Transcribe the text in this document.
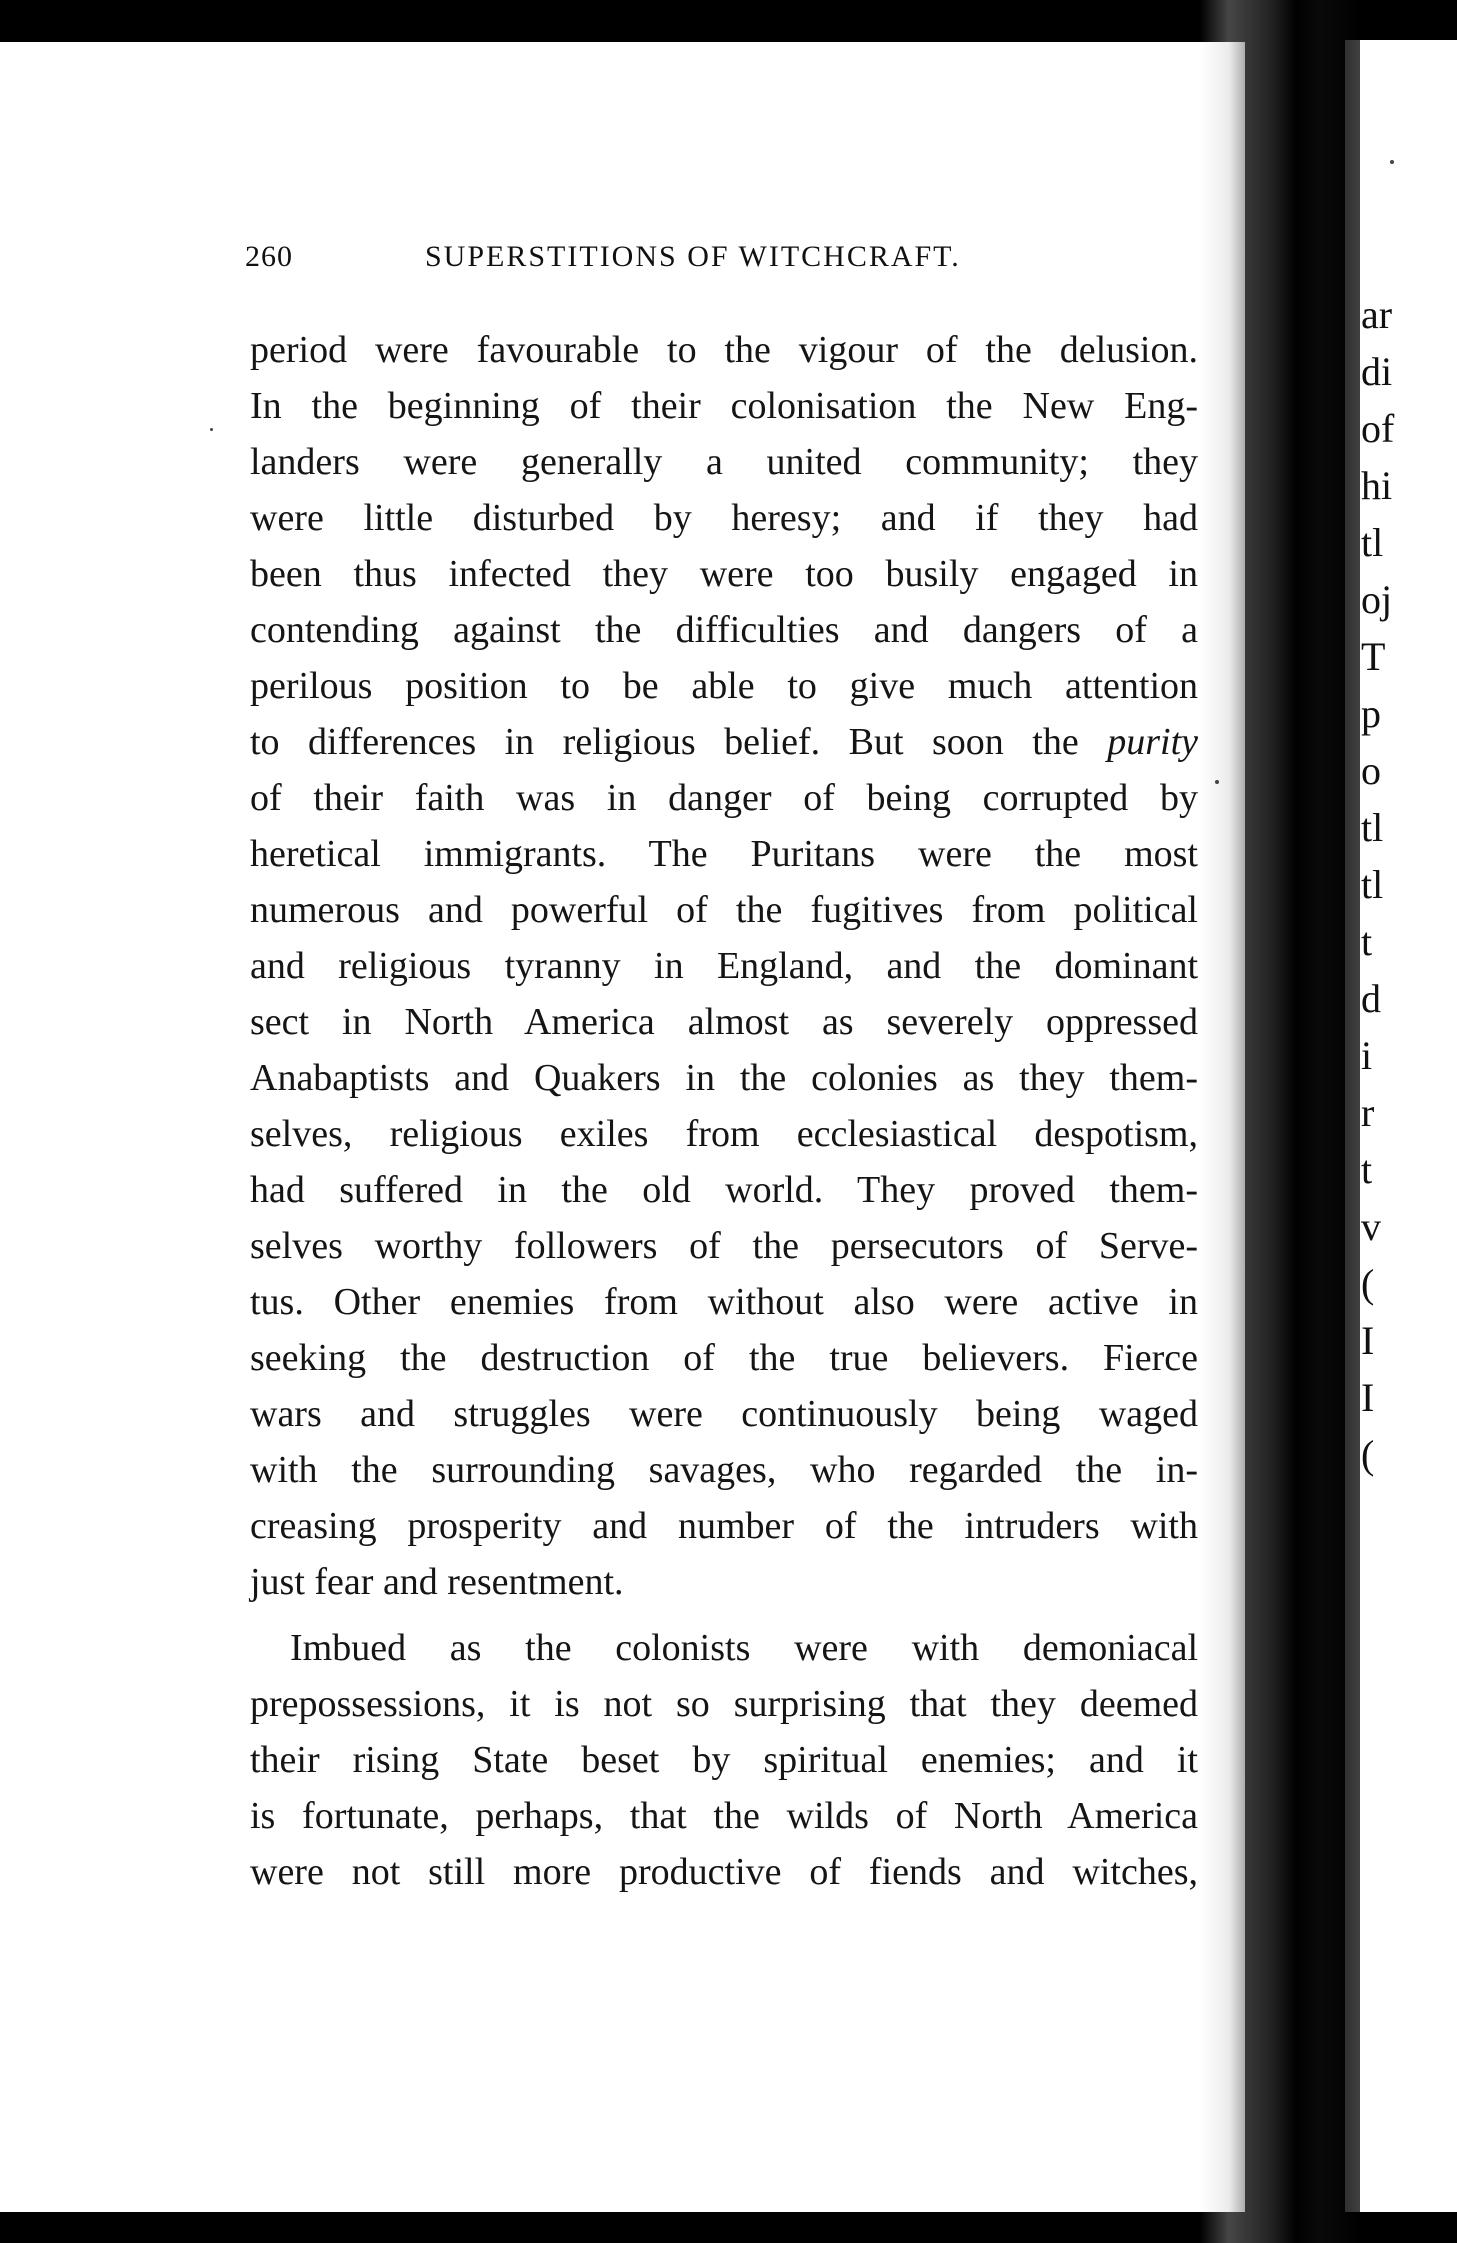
ar
di
of
hi
tl
oj
T
p
o
tl
tl
t
d
i
r
t
v
(
I
I
(
260	SUPERSTITIONS OF WITCHCRAFT.
period were favourable to the vigour of the delusion.
In the beginning of their colonisation the New Eng-
landers were generally a united community; they
were little disturbed by heresy; and if they had
been thus infected they were too busily engaged in
contending against the difficulties and dangers of a
perilous position to be able to give much attention
to differences in religious belief. But soon the purity
of their faith was in danger of being corrupted by
heretical immigrants. The Puritans were the most
numerous and powerful of the fugitives from political
and religious tyranny in England, and the dominant
sect in North America almost as severely oppressed
Anabaptists and Quakers in the colonies as they them-
selves, religious exiles from ecclesiastical despotism,
had suffered in the old world. They proved them-
selves worthy followers of the persecutors of Serve-
tus. Other enemies from without also were active in
seeking the destruction of the true believers. Fierce
wars and struggles were continuously being waged
with the surrounding savages, who regarded the in-
creasing prosperity and number of the intruders with
just fear and resentment.
Imbued as the colonists were with demoniacal
prepossessions, it is not so surprising that they deemed
their rising State beset by spiritual enemies; and it
is fortunate, perhaps, that the wilds of North America
were not still more productive of fiends and witches,
